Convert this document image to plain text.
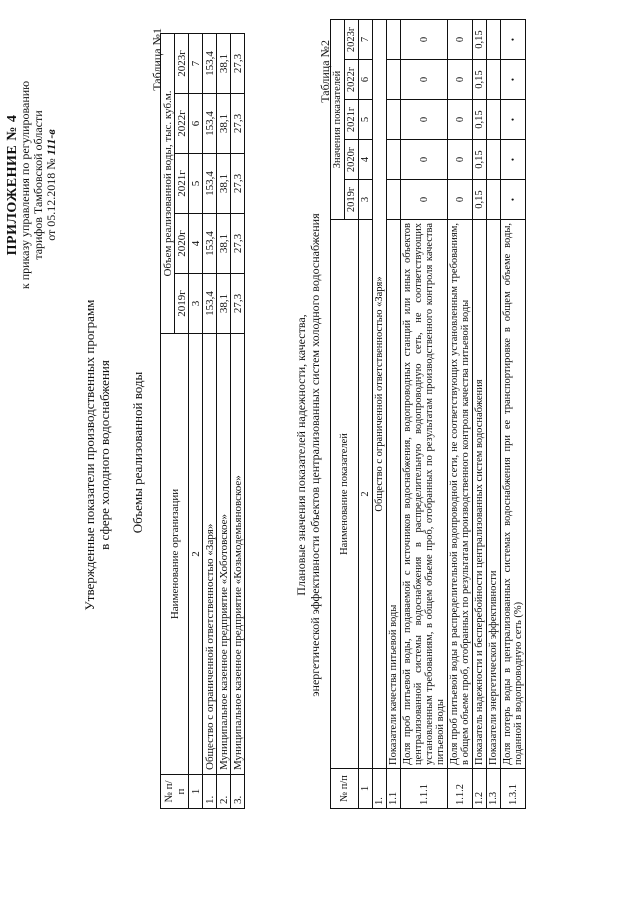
ПРИЛОЖЕНИЕ № 4
к приказу управления по регулированию тарифов Тамбовской области от 05.12.2018 № 111-в
Утвержденные показатели производственных программ в сфере холодного водоснабжения Объемы реализованной воды
Таблица №1
№ п/п	Наименование организации	Объем реализованной воды, тыс. куб.м.				
		2019г	2020г	2021г	2022г	2023г
1	2	3	4	5	6	7
1.	Общество с ограниченной ответственностью «Заря»	153,4	153,4	153,4	153,4	153,4
2.	Муниципальное казенное предприятие «Хоботовское»	38,1	38,1	38,1	38,1	38,1
3.	Муниципальное казенное предприятие «Козьмодемьяновское»	27,3	27,3	27,3	27,3	27,3
Плановые значения показателей надежности, качества, энергетической эффективности объектов централизованных систем холодного водоснабжения
Таблица №2
№ п/п	Наименование показателей	Значения показателей				
		2019г	2020г	2021г	2022г	2023г
1	2	3	4	5	6	7
1.	Общество с ограниченной ответственностью «Заря»					
1.1	Показатели качества питьевой воды					
1.1.1	Доля проб питьевой воды, подаваемой с источников водоснабжения, водопроводных станций или иных объектов централизованной системы водоснабжения в распределительную водопроводную сеть, не соответствующих установленным требованиям, в общем объеме проб, отобранных по результатам производственного контроля качества питьевой воды	0	0	0	0	0
1.1.2	Доля проб питьевой воды в распределительной водопроводной сети, не соответствующих установленным требованиям, в общем объеме проб, отобранных по результатам производственного контроля качества питьевой воды	0	0	0	0	0
1.2	Показатель надежности и бесперебойности централизованных систем водоснабжения	0,15	0,15	0,15	0,15	0,15
1.3	Показатели энергетической эффективности					
1.3.1	Доля потерь воды в централизованных системах водоснабжения при ее транспортировке в общем объеме воды, поданной в водопроводную сеть (%)	•	•	•	•	•
